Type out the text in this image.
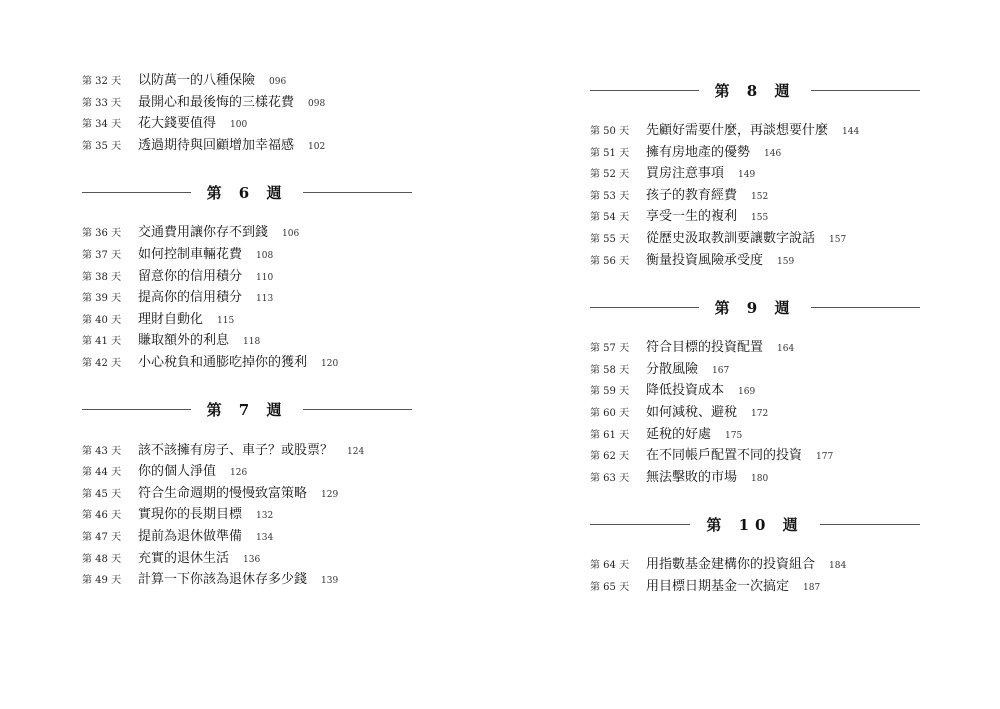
第 32 天	以防萬一的八種保險 096
第 33 天	最開心和最後悔的三樣花費 098
第 34 天	花大錢要值得 100
第 35 天	透過期待與回顧增加幸福感 102
第 6 週
第 36 天	交通費用讓你存不到錢 106
第 37 天	如何控制車輛花費 108
第 38 天	留意你的信用積分 110
第 39 天	提高你的信用積分 113
第 40 天	理財自動化 115
第 41 天	賺取額外的利息 118
第 42 天	小心稅負和通膨吃掉你的獲利 120
第 7 週
第 43 天	該不該擁有房子、車子？或股票？ 124
第 44 天	你的個人淨值 126
第 45 天	符合生命週期的慢慢致富策略 129
第 46 天	實現你的長期目標 132
第 47 天	提前為退休做準備 134
第 48 天	充實的退休生活 136
第 49 天	計算一下你該為退休存多少錢 139
第 8 週
第 50 天	先顧好需要什麼，再談想要什麼 144
第 51 天	擁有房地產的優勢 146
第 52 天	買房注意事項 149
第 53 天	孩子的教育經費 152
第 54 天	享受一生的複利 155
第 55 天	從歷史汲取教訓要讓數字說話 157
第 56 天	衡量投資風險承受度 159
第 9 週
第 57 天	符合目標的投資配置 164
第 58 天	分散風險 167
第 59 天	降低投資成本 169
第 60 天	如何減稅、避稅 172
第 61 天	延稅的好處 175
第 62 天	在不同帳戶配置不同的投資 177
第 63 天	無法擊敗的市場 180
第 10 週
第 64 天	用指數基金建構你的投資組合 184
第 65 天	用目標日期基金一次搞定 187
